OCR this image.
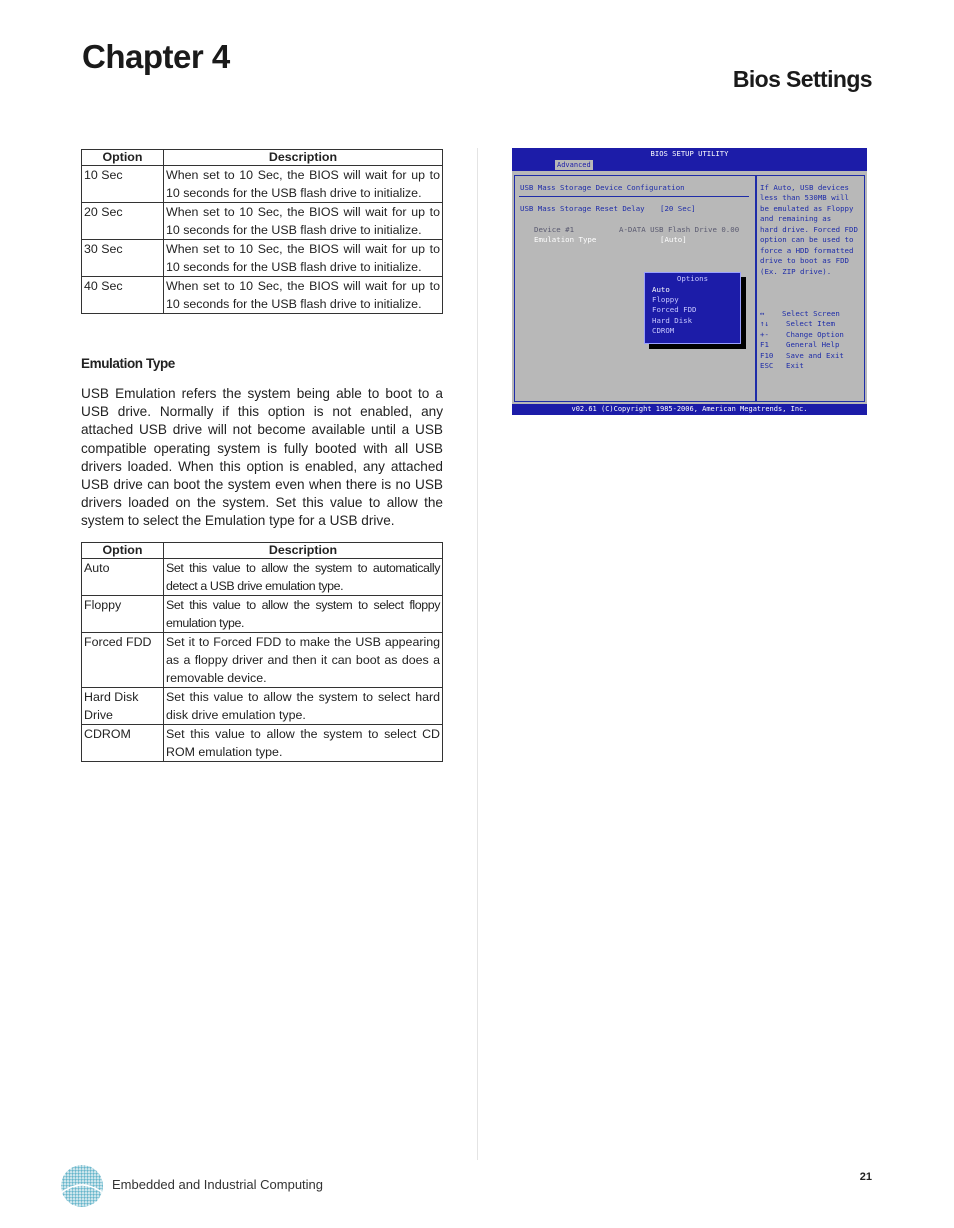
Chapter 4
Bios Settings
Option	Description
10 Sec	When set to 10 Sec, the BIOS will wait for up to 10 seconds for the USB flash drive to initialize.
20 Sec	When set to 10 Sec, the BIOS will wait for up to 10 seconds for the USB flash drive to initialize.
30 Sec	When set to 10 Sec, the BIOS will wait for up to 10 seconds for the USB flash drive to initialize.
40 Sec	When set to 10 Sec, the BIOS will wait for up to 10 seconds for the USB flash drive to initialize.
Emulation Type

USB Emulation refers the system being able to boot to a USB drive. Normally if this option is not enabled, any attached USB drive will not become available until a USB compatible operating system is fully booted with all USB drivers loaded. When this option is enabled, any attached USB drive can boot the system even when there is no USB drivers loaded on the system. Set this value to allow the system to select the Emulation type for a USB drive.

Option	Description
Auto	Set this value to allow the system to automatically detect a USB drive emulation type.
Floppy	Set this value to allow the system to select floppy emulation type.
Forced FDD	Set it to Forced FDD to make the USB appearing as a floppy driver and then it can boot as does a removable device.
Hard Disk Drive	Set this value to allow the system to select hard disk drive emulation type.
CDROM	Set this value to allow the system to select CD ROM emulation type.
BIOS SETUP UTILITY
Advanced
USB Mass Storage Device Configuration
USB Mass Storage Reset Delay [20 Sec]
Device #1	A-DATA USB Flash Drive 0.00
Emulation Type	[Auto]
Options
Auto
Floppy
Forced FDD
Hard Disk
CDROM
If Auto, USB devices
less than 530MB will
be emulated as Floppy
and remaining as
hard drive. Forced FDD
option can be used to
force a HDD formatted
drive to boot as FDD
(Ex. ZIP drive).
↔ Select Screen
↑↓ Select Item
+- Change Option
F1 General Help
F10 Save and Exit
ESC Exit
v02.61 (C)Copyright 1985-2006, American Megatrends, Inc.

Embedded and Industrial Computing	21
